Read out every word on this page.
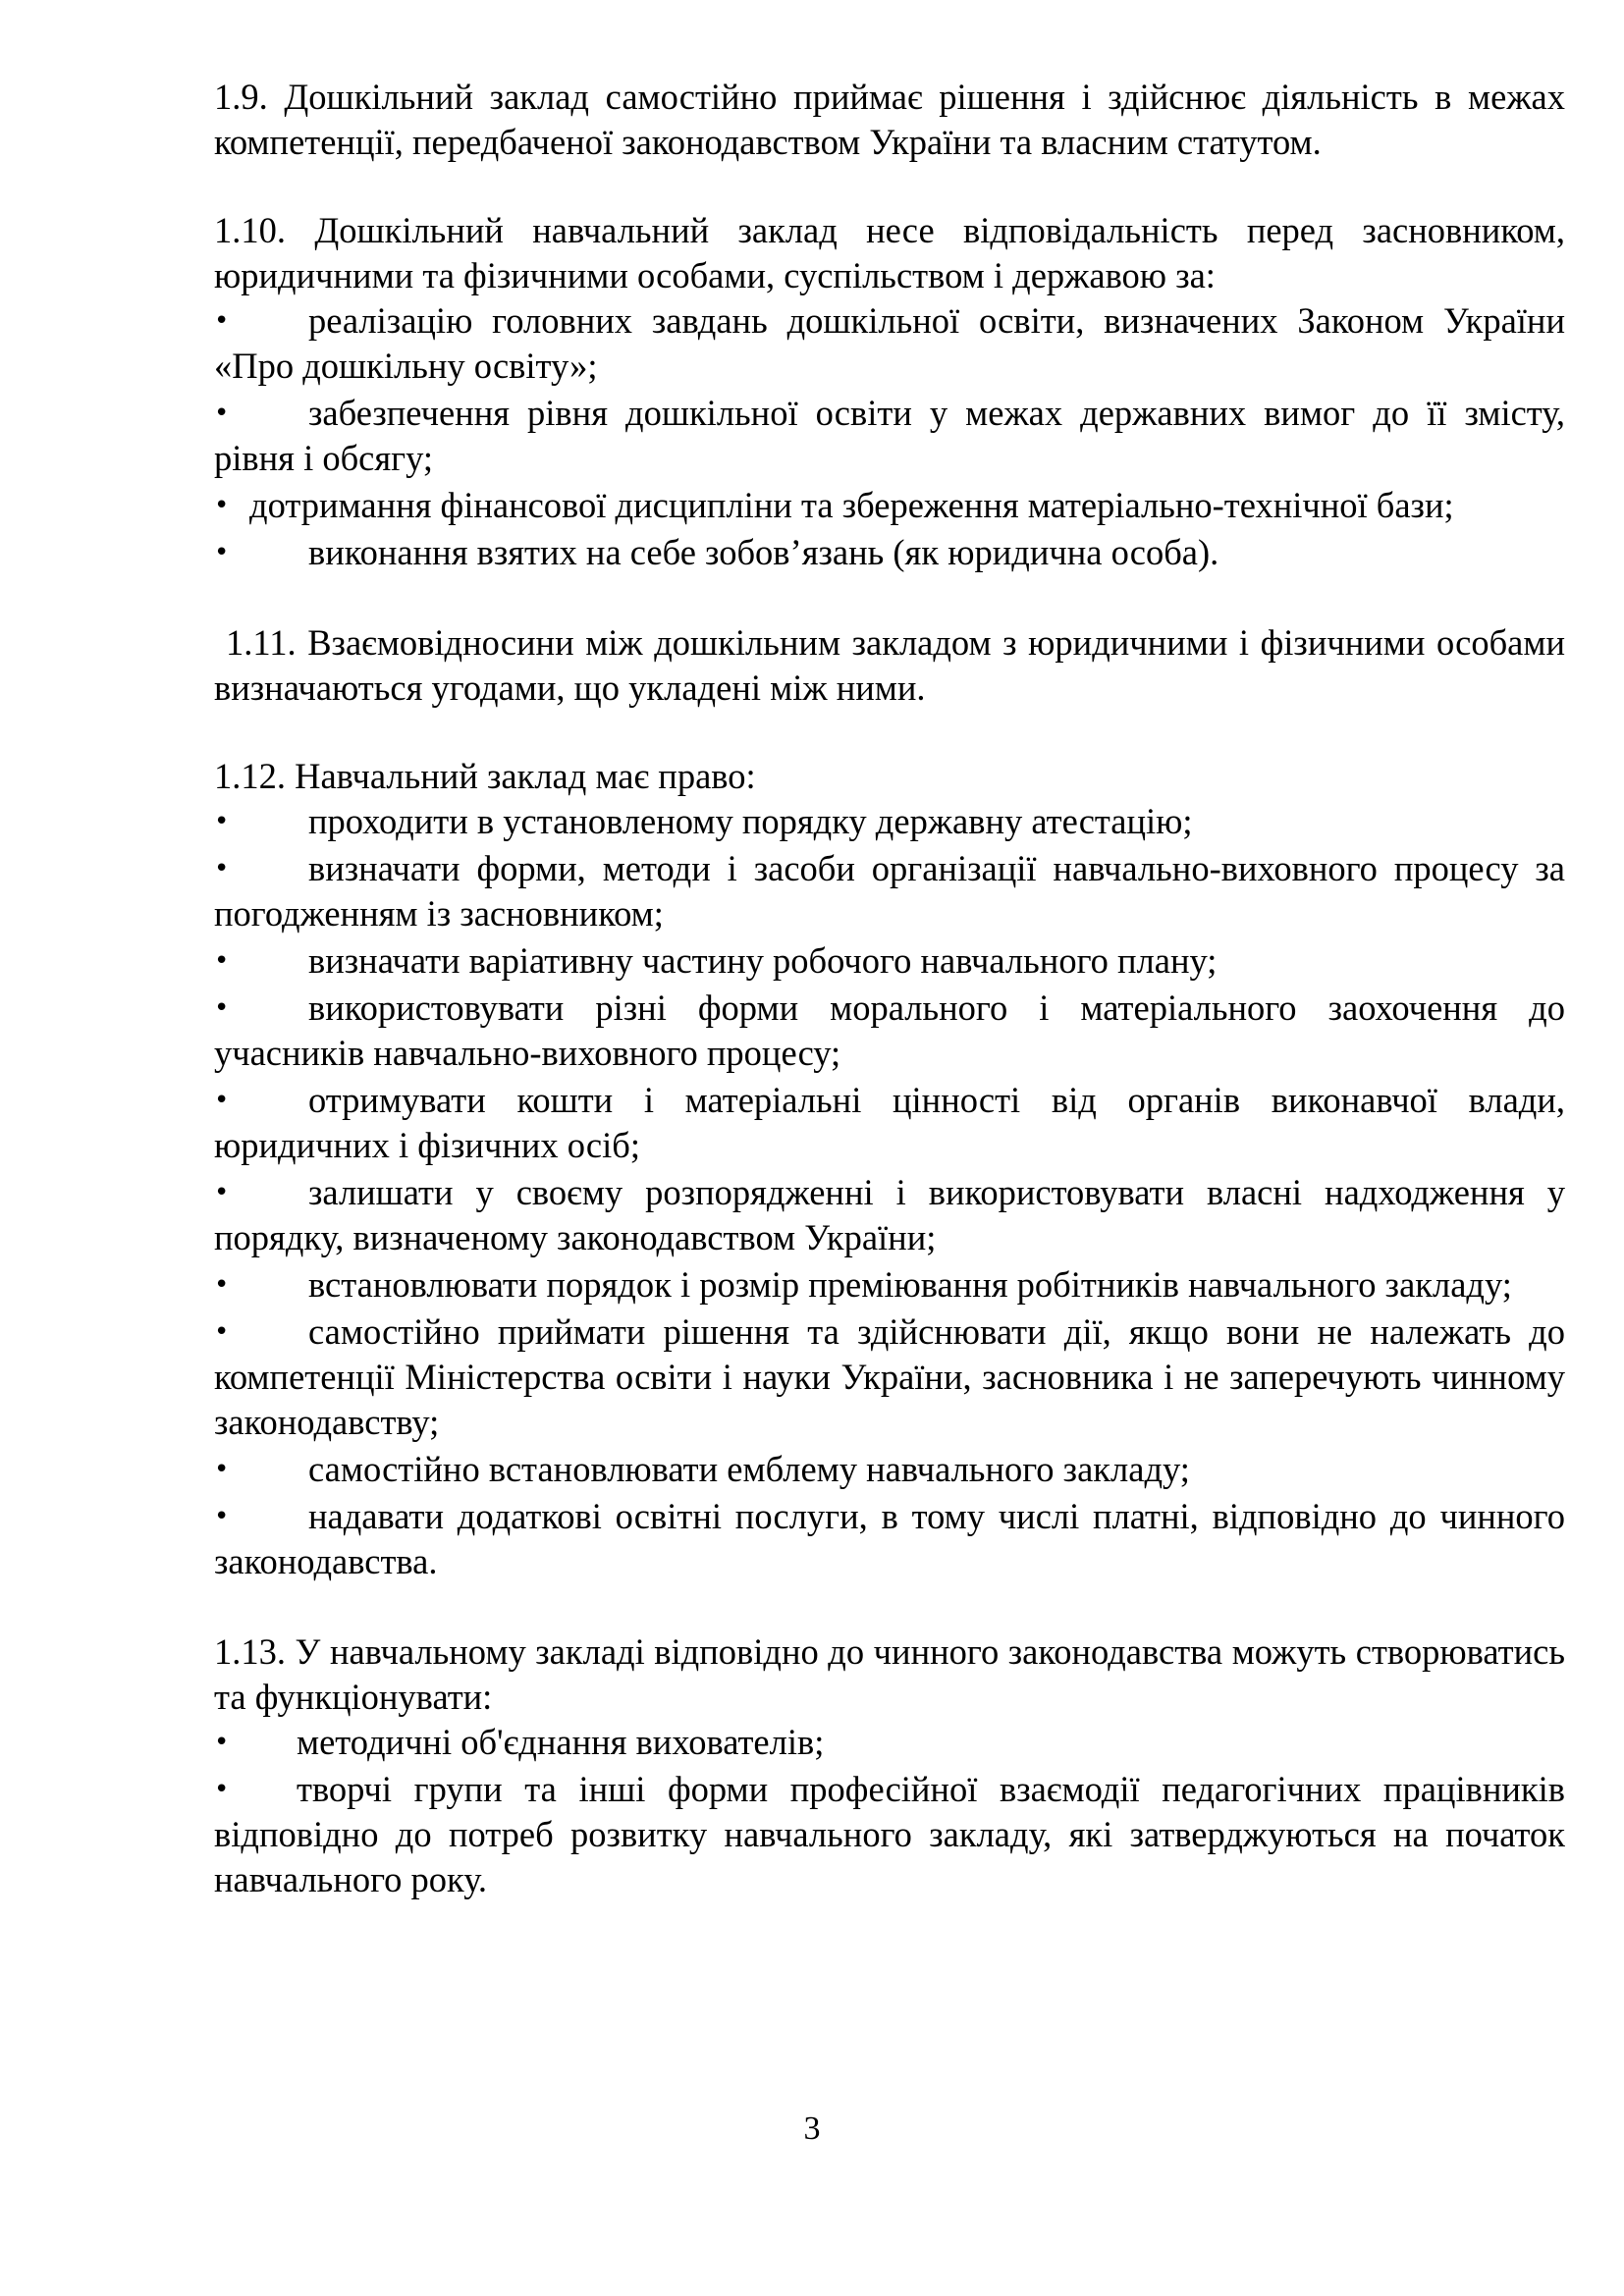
1.9. Дошкільний заклад самостійно приймає рішення і здійснює діяльність в межах компетенції, передбаченої законодавством України та власним статутом.

1.10. Дошкільний навчальний заклад несе відповідальність перед засновником, юридичними та фізичними особами, суспільством і державою за:

• реалізацію головних завдань дошкільної освіти, визначених Законом України «Про дошкільну освіту»;
• забезпечення рівня дошкільної освіти у межах державних вимог до її змісту, рівня і обсягу;
• дотримання фінансової дисципліни та збереження матеріально-технічної бази;
• виконання взятих на себе зобов’язань (як юридична особа).

1.11. Взаємовідносини між дошкільним закладом з юридичними і фізичними особами визначаються угодами, що укладені між ними.

1.12. Навчальний заклад має право:

• проходити в установленому порядку державну атестацію;
• визначати форми, методи і засоби організації навчально-виховного процесу за погодженням із засновником;
• визначати варіативну частину робочого навчального плану;
• використовувати різні форми морального і матеріального заохочення до учасників навчально-виховного процесу;
• отримувати кошти і матеріальні цінності від органів виконавчої влади, юридичних і фізичних осіб;
• залишати у своєму розпорядженні і використовувати власні надходження у порядку, визначеному законодавством України;
• встановлювати порядок і розмір преміювання робітників навчального закладу;
• самостійно приймати рішення та здійснювати дії, якщо вони не належать до компетенції Міністерства освіти і науки України, засновника і не заперечують чинному законодавству;
• самостійно встановлювати емблему навчального закладу;
• надавати додаткові освітні послуги, в тому числі платні, відповідно до чинного законодавства.

1.13. У навчальному закладі відповідно до чинного законодавства можуть створюватись та функціонувати:

• методичні об'єднання вихователів;
• творчі групи та інші форми професійної взаємодії педагогічних працівників відповідно до потреб розвитку навчального закладу, які затверджуються на початок навчального року.
3
